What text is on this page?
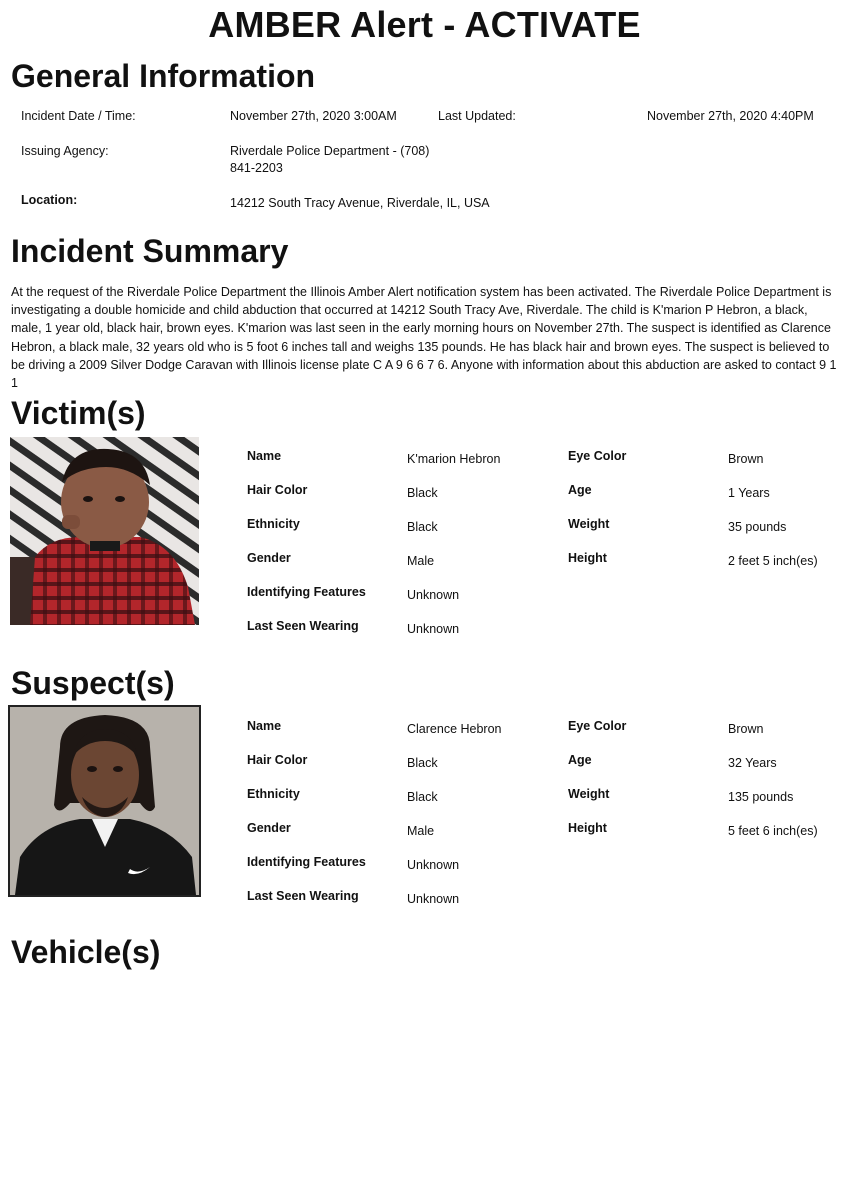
AMBER Alert - ACTIVATE
General Information
Incident Date / Time:	November 27th, 2020 3:00AM	Last Updated:	November 27th, 2020 4:40PM
Issuing Agency:	Riverdale Police Department - (708)
841-2203
Location:	14212 South Tracy Avenue, Riverdale, IL, USA
Incident Summary

At the request of the Riverdale Police Department the Illinois Amber Alert notification system has been activated. The Riverdale Police Department is investigating a double homicide and child abduction that occurred at 14212 South Tracy Ave, Riverdale. The child is K'marion P Hebron, a black, male, 1 year old, black hair, brown eyes. K'marion was last seen in the early morning hours on November 27th. The suspect is identified as Clarence Hebron, a black male, 32 years old who is 5 foot 6 inches tall and weighs 135 pounds. He has black hair and brown eyes. The suspect is believed to be driving a 2009 Silver Dodge Caravan with Illinois license plate C A 9 6 6 7 6. Anyone with information about this abduction are asked to contact 9 1 1

Victim(s)
Name	K'marion Hebron	Eye Color	Brown
Hair Color	Black	Age	1 Years
Ethnicity	Black	Weight	35 pounds
Gender	Male	Height	2 feet 5 inch(es)
Identifying Features	Unknown
Last Seen Wearing	Unknown
Suspect(s)
Name	Clarence Hebron	Eye Color	Brown
Hair Color	Black	Age	32 Years
Ethnicity	Black	Weight	135 pounds
Gender	Male	Height	5 feet 6 inch(es)
Identifying Features	Unknown
Last Seen Wearing	Unknown
Vehicle(s)
